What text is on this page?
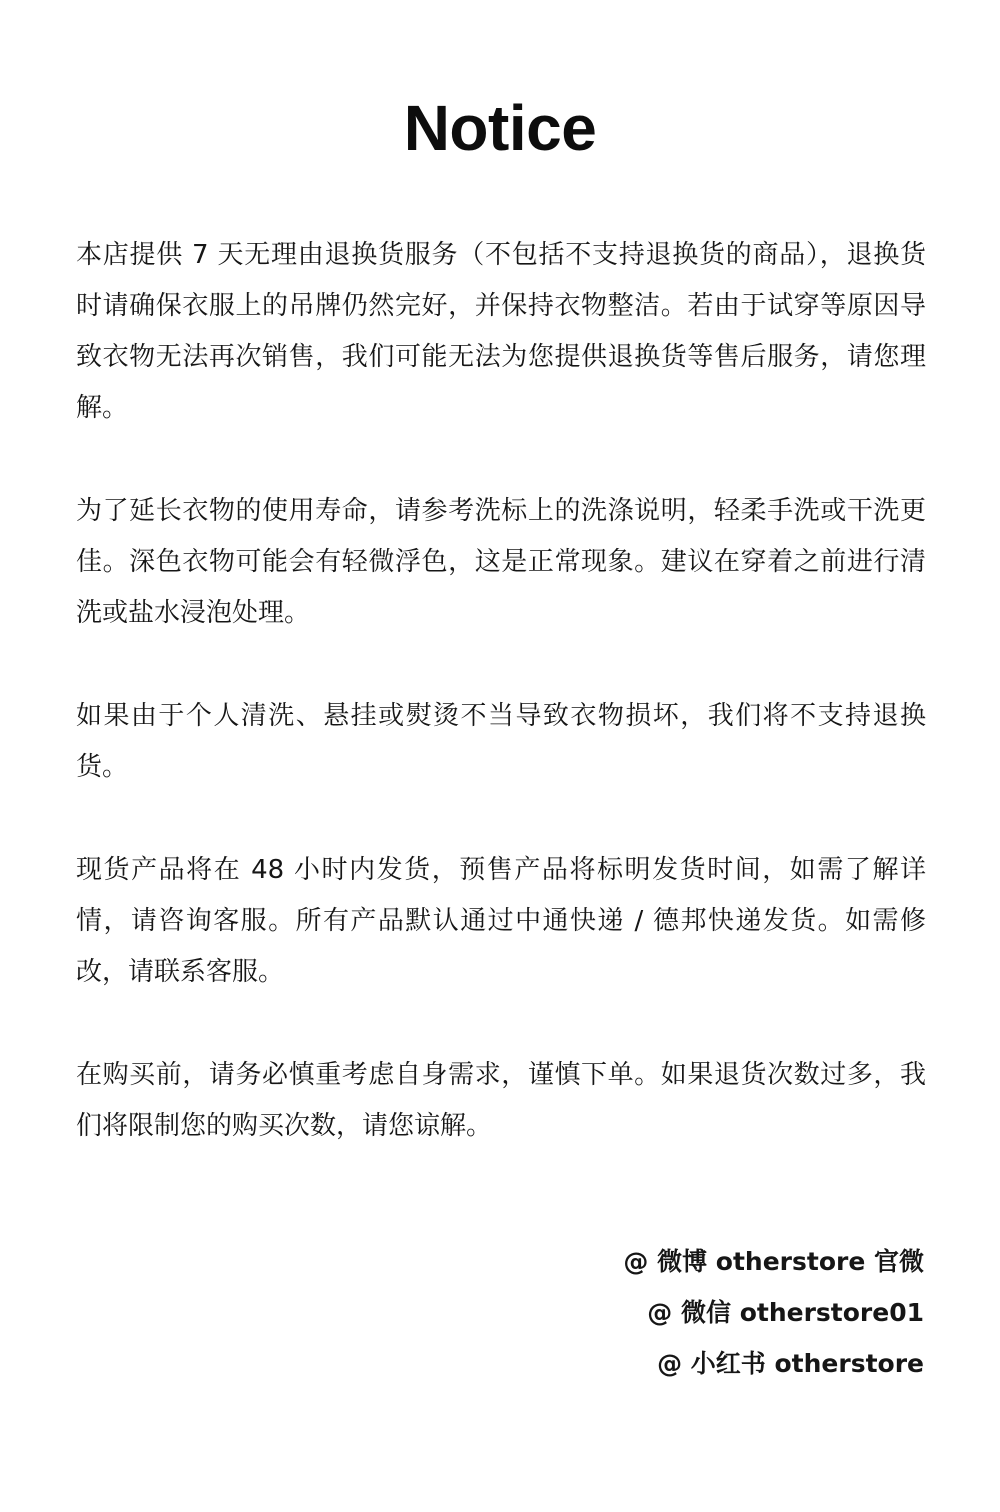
Notice

本店提供 7 天无理由退换货服务（不包括不支持退换货的商品），退换货时请确保衣服上的吊牌仍然完好，并保持衣物整洁。若由于试穿等原因导致衣物无法再次销售，我们可能无法为您提供退换货等售后服务，请您理解。

为了延长衣物的使用寿命，请参考洗标上的洗涤说明，轻柔手洗或干洗更佳。深色衣物可能会有轻微浮色，这是正常现象。建议在穿着之前进行清洗或盐水浸泡处理。

如果由于个人清洗、悬挂或熨烫不当导致衣物损坏，我们将不支持退换货。

现货产品将在 48 小时内发货，预售产品将标明发货时间，如需了解详情，请咨询客服。所有产品默认通过中通快递 / 德邦快递发货。如需修改，请联系客服。

在购买前，请务必慎重考虑自身需求，谨慎下单。如果退货次数过多，我们将限制您的购买次数，请您谅解。

@ 微博 otherstore 官微
@ 微信 otherstore01
@ 小红书 otherstore
